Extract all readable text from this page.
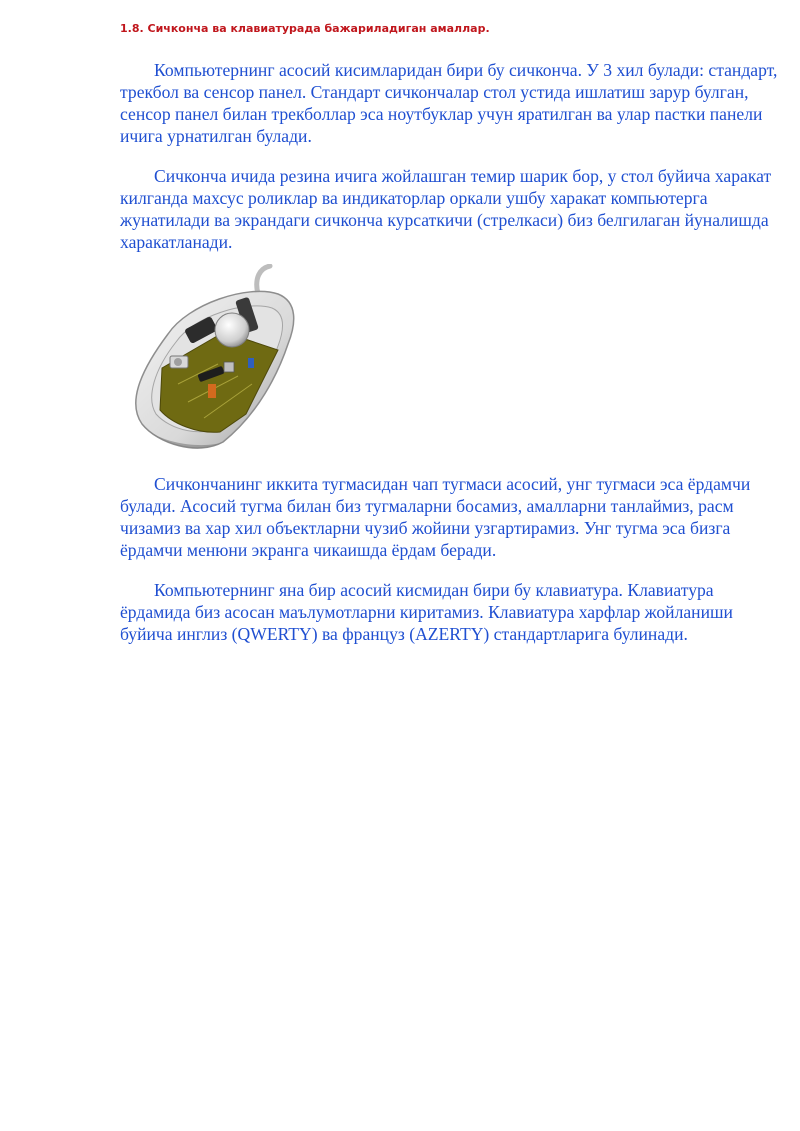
1.8. Сичкончa ва клавиатурада бажариладиган амаллар.

Компьютернинг асосий кисимларидан бири бу сичконча. У 3 хил булади: стандарт, трекбол ва сенсор панел. Стандарт сичкончалар стол устида ишлатиш зарур булган, сенсор панел билан трекболлар эса ноутбуклар учун яратилган ва улар пастки панели ичига урнатилган булади.

Сичконча ичида резина ичига жойлашган темир шарик бор, у стол буйича харакат килганда махсус роликлар ва индикаторлар оркали ушбу харакат компьютерга жунатилади ва экрандаги сичконча курсаткичи (стрелкаси) биз белгилаган йуналишда харакатланади.

Сичкончанинг иккита тугмасидан чап тугмаси асосий, унг тугмаси эса ёрдамчи булади. Асосий тугма билан биз тугмаларни босамиз, амалларни танлаймиз, расм чизамиз ва хар хил объектларни чузиб жойини узгартирамиз. Унг тугма эса бизга ёрдамчи менюни экранга чикаишда ёрдам беради.

Компьютернинг яна бир асосий кисмидан бири бу клавиатура. Клавиатура ёрдамида биз асосан маълумотларни киритамиз. Клавиатура харфлар жойланиши буйича инглиз (QWERTY) ва француз (AZERTY) стандартларига булинади.
